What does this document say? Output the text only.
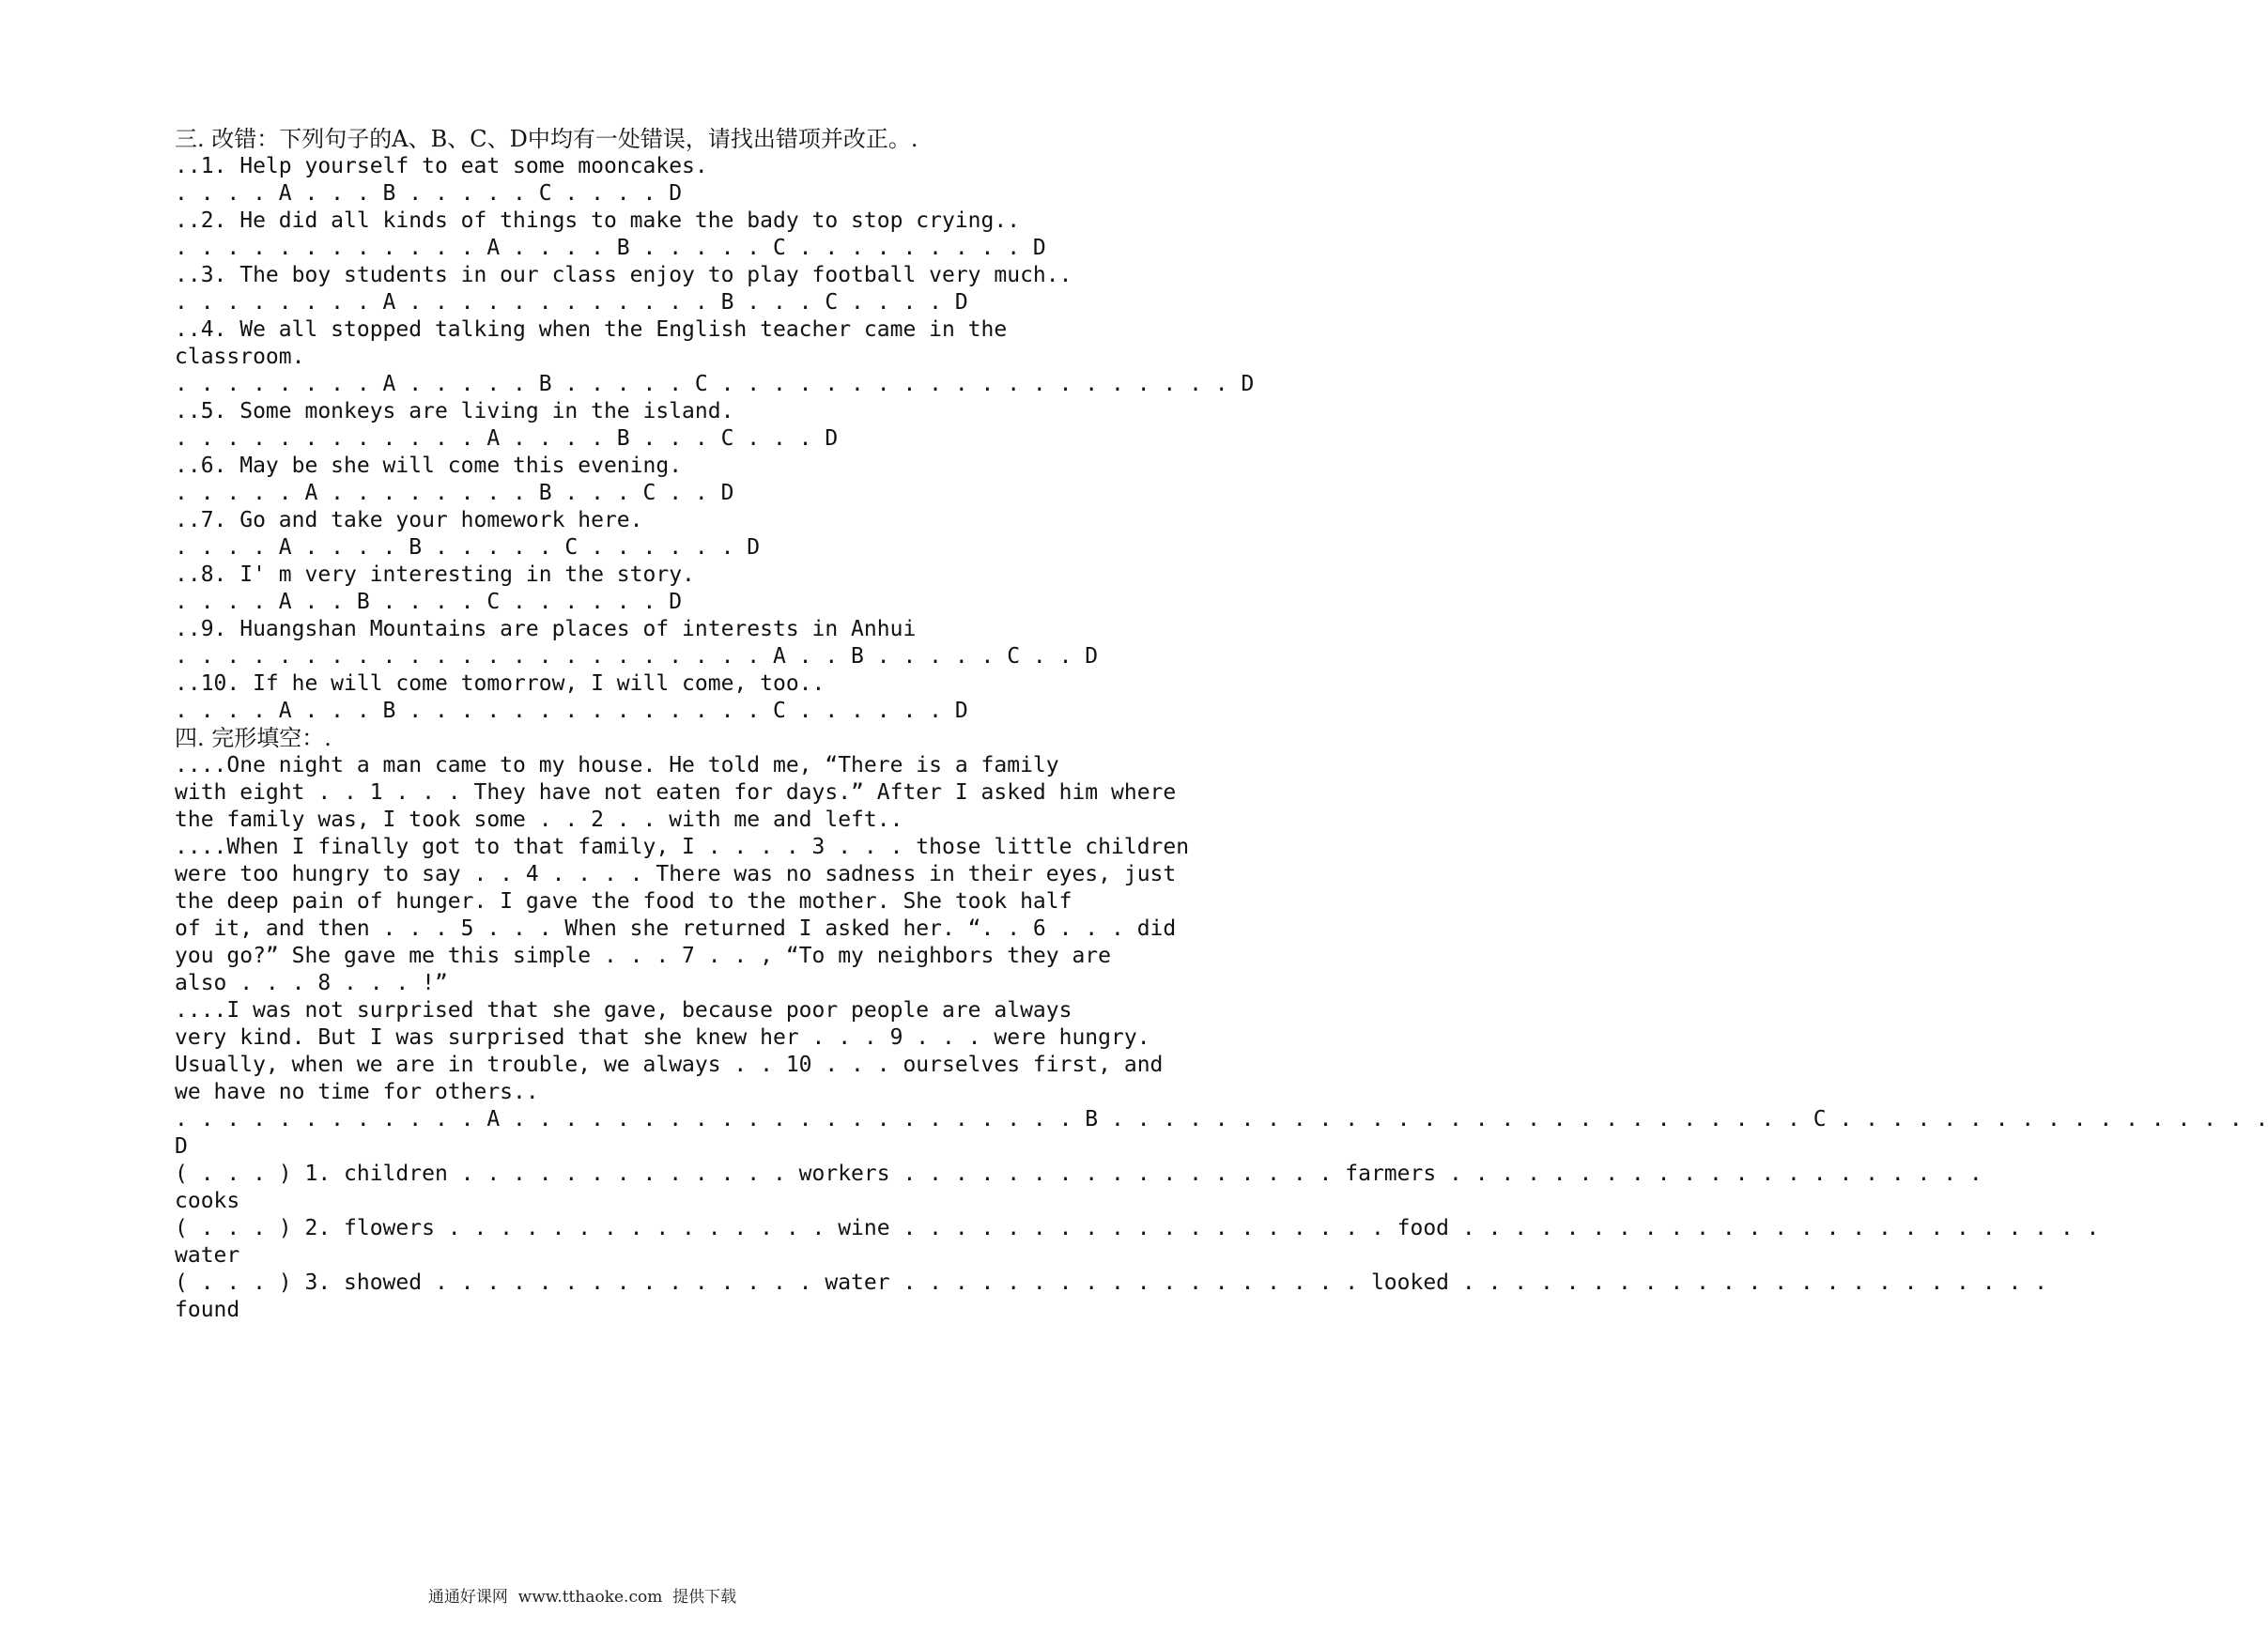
三. 改错：下列句子的A、B、C、D中均有一处错误，请找出错项并改正。.
..1. Help yourself to eat some mooncakes.
. . . . A . . . B . . . . . C . . . . D
..2. He did all kinds of things to make the bady to stop crying..
. . . . . . . . . . . . A . . . . B . . . . . C . . . . . . . . . D
..3. The boy students in our class enjoy to play football very much..
. . . . . . . . A . . . . . . . . . . . . B . . . C . . . . D
..4. We all stopped talking when the English teacher came in the
classroom.
. . . . . . . . A . . . . . B . . . . . C . . . . . . . . . . . . . . . . . . . . D
..5. Some monkeys are living in the island.
. . . . . . . . . . . . A . . . . B . . . C . . . D
..6. May be she will come this evening.
. . . . . A . . . . . . . . B . . . C . . D
..7. Go and take your homework here.
. . . . A . . . . B . . . . . C . . . . . . D
..8. I' m very interesting in the story.
. . . . A . . B . . . . C . . . . . . D
..9. Huangshan Mountains are places of interests in Anhui
. . . . . . . . . . . . . . . . . . . . . . . A . . B . . . . . C . . D
..10. If he will come tomorrow, I will come, too..
. . . . A . . . B . . . . . . . . . . . . . . C . . . . . . D
四. 完形填空：.
....One night a man came to my house. He told me, “There is a family
with eight . . 1 . . . They have not eaten for days.” After I asked him where
the family was, I took some . . 2 . . with me and left..
....When I finally got to that family, I . . . . 3 . . . those little children
were too hungry to say . . 4 . . . . There was no sadness in their eyes, just
the deep pain of hunger. I gave the food to the mother. She took half
of it, and then . . . 5 . . . When she returned I asked her. “. . 6 . . . did
you go?” She gave me this simple . . . 7 . . , “To my neighbors they are
also . . . 8 . . . !”
....I was not surprised that she gave, because poor people are always
very kind. But I was surprised that she knew her . . . 9 . . . were hungry.
Usually, when we are in trouble, we always . . 10 . . . ourselves first, and
we have no time for others..
. . . . . . . . . . . . A . . . . . . . . . . . . . . . . . . . . . . B . . . . . . . . . . . . . . . . . . . . . . . . . . . C . . . . . . . . . . . . . . . . .
D
( . . . ) 1. children . . . . . . . . . . . . . workers . . . . . . . . . . . . . . . . . farmers . . . . . . . . . . . . . . . . . . . . .
cooks
( . . . ) 2. flowers . . . . . . . . . . . . . . . wine . . . . . . . . . . . . . . . . . . . food . . . . . . . . . . . . . . . . . . . . . . . . .
water
( . . . ) 3. showed . . . . . . . . . . . . . . . water . . . . . . . . . . . . . . . . . . looked . . . . . . . . . . . . . . . . . . . . . . .
found
通通好课网  www.tthaoke.com  提供下载
